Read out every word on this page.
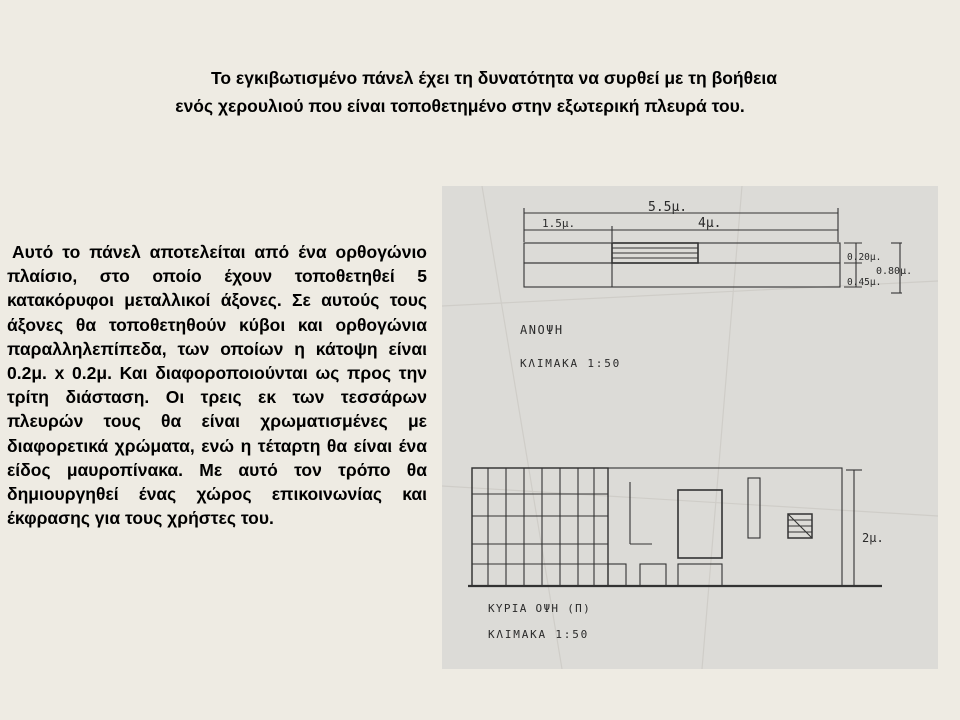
Το εγκιβωτισμένο πάνελ έχει τη δυνατότητα να συρθεί με τη βοήθεια
ενός χερουλιού που είναι τοποθετημένο στην εξωτερική πλευρά του.
Αυτό το πάνελ αποτελείται από ένα ορθογώνιο πλαίσιο, στο οποίο έχουν τοποθετηθεί 5 κατακόρυφοι μεταλλικοί άξονες. Σε αυτούς τους άξονες θα τοποθετηθούν κύβοι και ορθογώνια παραλληλεπίπεδα, των οποίων η κάτοψη είναι 0.2μ. x 0.2μ. Και διαφοροποιούνται ως προς την τρίτη διάσταση. Οι τρεις εκ των τεσσάρων πλευρών τους θα είναι χρωματισμένες με διαφορετικά χρώματα, ενώ η τέταρτη θα είναι ένα είδος μαυροπίνακα. Με αυτό τον τρόπο θα δημιουργηθεί ένας χώρος επικοινωνίας και έκφρασης για τους χρήστες του.
5.5μ.
1.5μ.	4μ.
0.20μ.
0.45μ.
0.80μ.
ΑΝΟΨΗ
ΚΛΙΜΑΚΑ 1:50
2μ.
ΚΥΡΙΑ ΟΨΗ (Π)
ΚΛΙΜΑΚΑ 1:50
